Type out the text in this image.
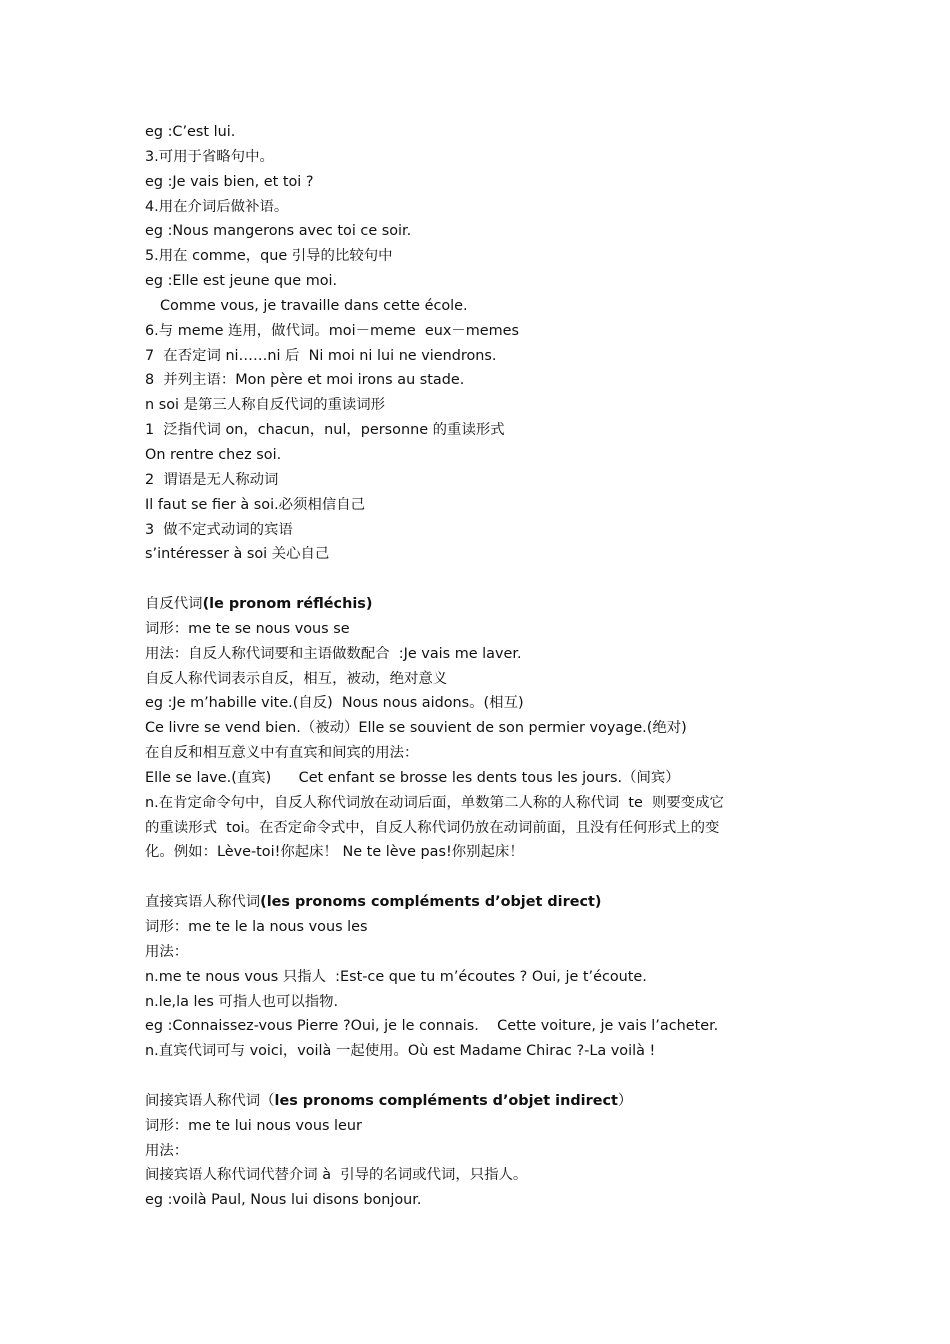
eg :C’est lui.
3.可用于省略句中。
eg :Je vais bien, et toi ?
4.用在介词后做补语。
eg :Nous mangerons avec toi ce soir.
5.用在 comme，que 引导的比较句中
eg :Elle est jeune que moi.
Comme vous, je travaille dans cette école.
6.与 meme 连用，做代词。moi－meme  eux－memes
7  在否定词 ni……ni 后  Ni moi ni lui ne viendrons.
8  并列主语：Mon père et moi irons au stade.
n soi 是第三人称自反代词的重读词形
1  泛指代词 on，chacun，nul，personne 的重读形式
On rentre chez soi.
2  谓语是无人称动词
Il faut se fier à soi.必须相信自己
3  做不定式动词的宾语
s’intéresser à soi 关心自己
自反代词(le pronom réfléchis)
词形：me te se nous vous se
用法：自反人称代词要和主语做数配合  :Je vais me laver.
自反人称代词表示自反，相互，被动，绝对意义
eg :Je m’habille vite.(自反)  Nous nous aidons。(相互)
Ce livre se vend bien.（被动）Elle se souvient de son permier voyage.(绝对)
在自反和相互意义中有直宾和间宾的用法：
Elle se lave.(直宾)      Cet enfant se brosse les dents tous les jours.（间宾）
n.在肯定命令句中，自反人称代词放在动词后面，单数第二人称的人称代词  te  则要变成它
的重读形式  toi。在否定命令式中，自反人称代词仍放在动词前面，且没有任何形式上的变
化。例如：Lève-toi!你起床！ Ne te lève pas!你别起床！
直接宾语人称代词(les pronoms compléments d’objet direct)
词形：me te le la nous vous les
用法：
n.me te nous vous 只指人  :Est-ce que tu m’écoutes ? Oui, je t’écoute.
n.le,la les 可指人也可以指物.
eg :Connaissez-vous Pierre ?Oui, je le connais.    Cette voiture, je vais l’acheter.
n.直宾代词可与 voici，voilà 一起使用。Où est Madame Chirac ?-La voilà !
间接宾语人称代词（les pronoms compléments d’objet indirect）
词形：me te lui nous vous leur
用法：
间接宾语人称代词代替介词 à  引导的名词或代词，只指人。
eg :voilà Paul, Nous lui disons bonjour.
